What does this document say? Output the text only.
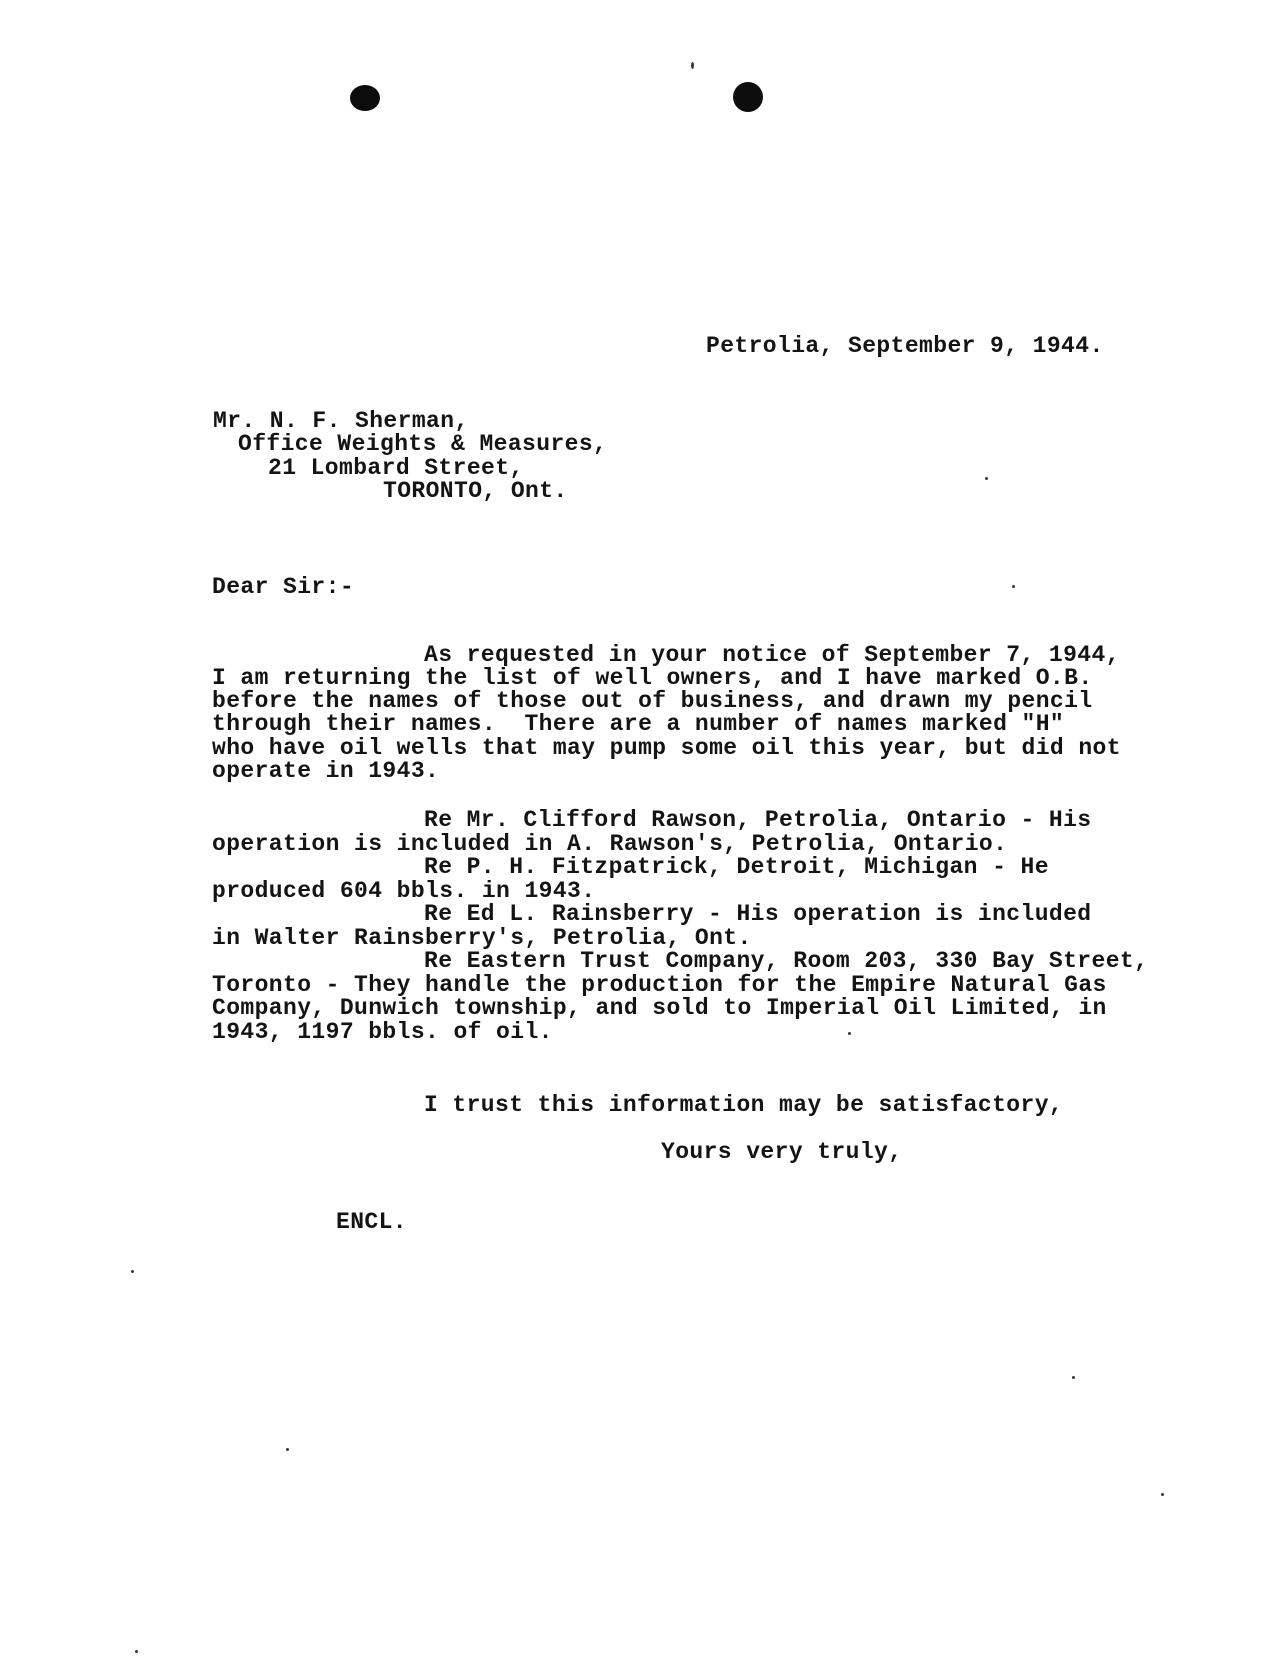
Petrolia, September 9, 1944.
Mr. N. F. Sherman,
Office Weights & Measures,
21 Lombard Street,
TORONTO, Ont.
Dear Sir:-
As requested in your notice of September 7, 1944,
I am returning the list of well owners, and I have marked O.B.
before the names of those out of business, and drawn my pencil
through their names.  There are a number of names marked "H"
who have oil wells that may pump some oil this year, but did not
operate in 1943.
Re Mr. Clifford Rawson, Petrolia, Ontario - His
operation is included in A. Rawson's, Petrolia, Ontario.
Re P. H. Fitzpatrick, Detroit, Michigan - He
produced 604 bbls. in 1943.
Re Ed L. Rainsberry - His operation is included
in Walter Rainsberry's, Petrolia, Ont.
Re Eastern Trust Company, Room 203, 330 Bay Street,
Toronto - They handle the production for the Empire Natural Gas
Company, Dunwich township, and sold to Imperial Oil Limited, in
1943, 1197 bbls. of oil.
I trust this information may be satisfactory,
Yours very truly,
ENCL.
